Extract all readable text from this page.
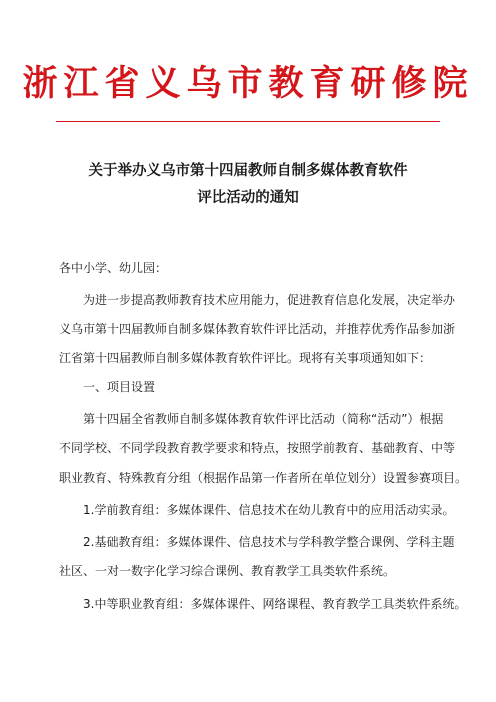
浙江省义乌市教育研修院
关于举办义乌市第十四届教师自制多媒体教育软件
评比活动的通知
各中小学、幼儿园：
为进一步提高教师教育技术应用能力，促进教育信息化发展，决定举办
义乌市第十四届教师自制多媒体教育软件评比活动，并推荐优秀作品参加浙
江省第十四届教师自制多媒体教育软件评比。现将有关事项通知如下：
一、项目设置
第十四届全省教师自制多媒体教育软件评比活动（简称“活动”）根据
不同学校、不同学段教育教学要求和特点，按照学前教育、基础教育、中等
职业教育、特殊教育分组（根据作品第一作者所在单位划分）设置参赛项目。
1.学前教育组：多媒体课件、信息技术在幼儿教育中的应用活动实录。
2.基础教育组：多媒体课件、信息技术与学科教学整合课例、学科主题
社区、一对一数字化学习综合课例、教育教学工具类软件系统。
3.中等职业教育组：多媒体课件、网络课程、教育教学工具类软件系统。
